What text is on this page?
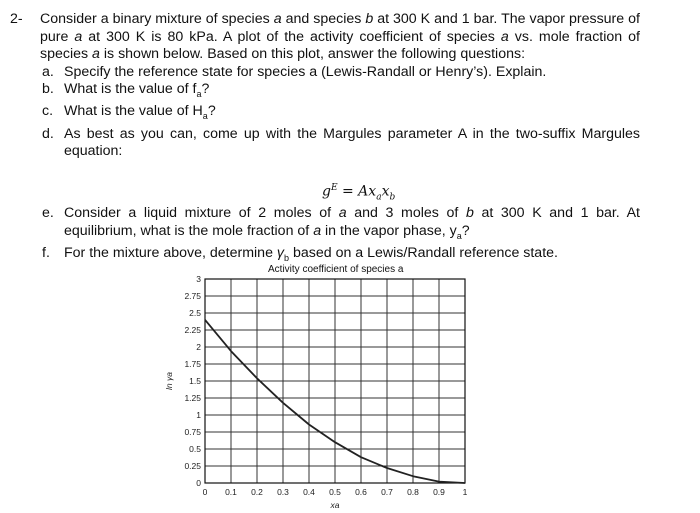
2- Consider a binary mixture of species a and species b at 300 K and 1 bar. The vapor pressure of pure a at 300 K is 80 kPa. A plot of the activity coefficient of species a vs. mole fraction of species a is shown below. Based on this plot, answer the following questions:
a. Specify the reference state for species a (Lewis-Randall or Henry’s). Explain.
b. What is the value of $f_a$?
c. What is the value of $H_a$?
d. As best as you can, come up with the Margules parameter A in the two-suffix Margules equation:
$g^E = Ax_ax_b$
e. Consider a liquid mixture of 2 moles of a and 3 moles of b at 300 K and 1 bar. At equilibrium, what is the mole fraction of a in the vapor phase, $y_a$?
f. For the mixture above, determine $\gamma_b$ based on a Lewis/Randall reference state.
Activity coefficient of species a
0 0.1 0.2 0.3 0.4 0.5 0.6 0.7 0.8 0.9 1
0
0.25
0.5
0.75
1
1.25
1.5
1.75
2
2.25
2.5
2.75
3
xa
ln γa
